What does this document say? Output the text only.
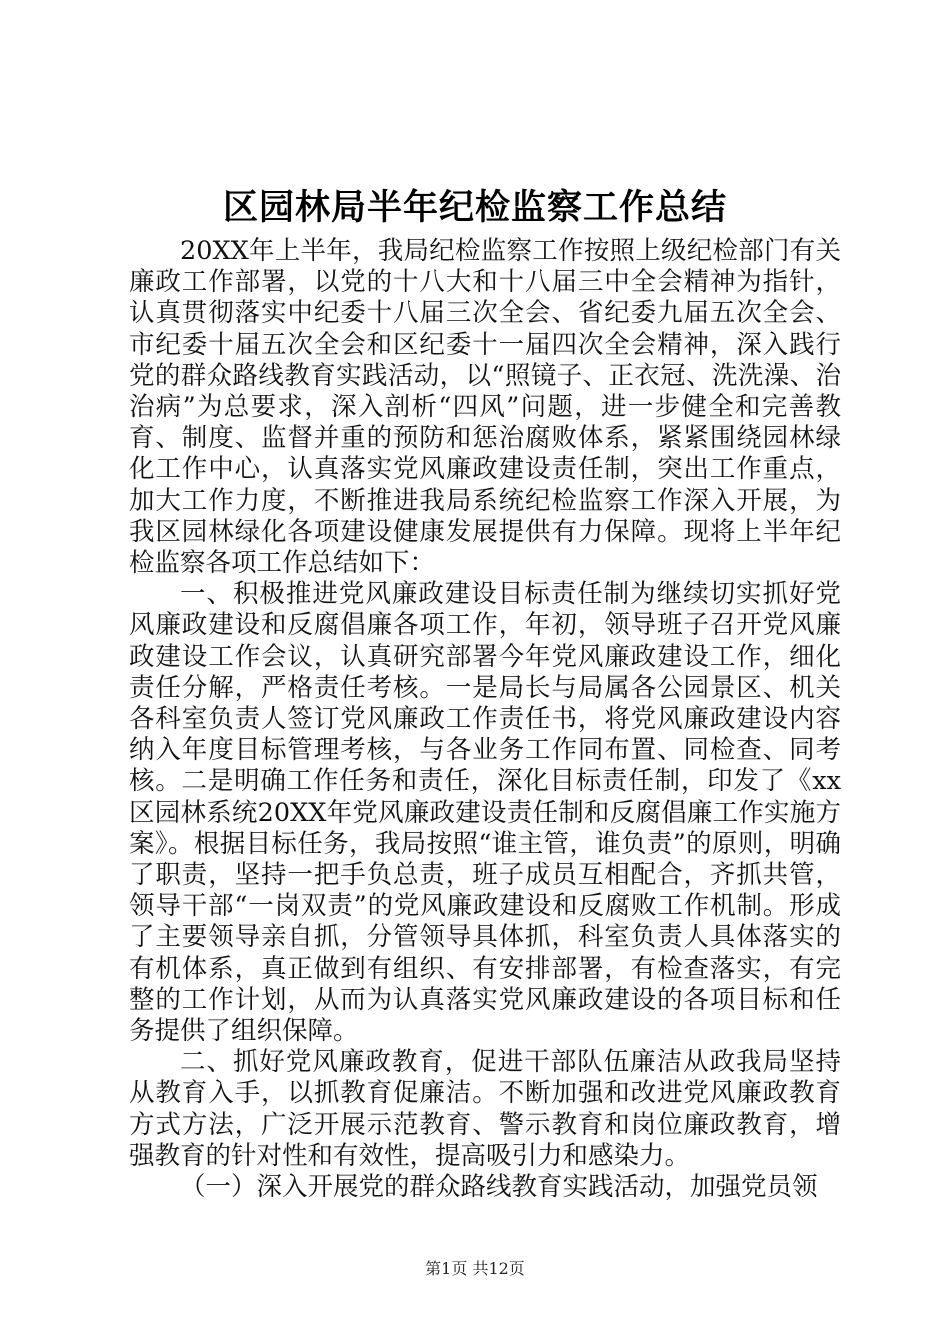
区园林局半年纪检监察工作总结

20XX年上半年，我局纪检监察工作按照上级纪检部门有关廉政工作部署，以党的十八大和十八届三中全会精神为指针，认真贯彻落实中纪委十八届三次全会、省纪委九届五次全会、市纪委十届五次全会和区纪委十一届四次全会精神，深入践行党的群众路线教育实践活动，以“照镜子、正衣冠、洗洗澡、治治病”为总要求，深入剖析“四风”问题，进一步健全和完善教育、制度、监督并重的预防和惩治腐败体系，紧紧围绕园林绿化工作中心，认真落实党风廉政建设责任制，突出工作重点，加大工作力度，不断推进我局系统纪检监察工作深入开展，为我区园林绿化各项建设健康发展提供有力保障。现将上半年纪检监察各项工作总结如下：

一、积极推进党风廉政建设目标责任制为继续切实抓好党风廉政建设和反腐倡廉各项工作，年初，领导班子召开党风廉政建设工作会议，认真研究部署今年党风廉政建设工作，细化责任分解，严格责任考核。一是局长与局属各公园景区、机关各科室负责人签订党风廉政工作责任书，将党风廉政建设内容纳入年度目标管理考核，与各业务工作同布置、同检查、同考核。二是明确工作任务和责任，深化目标责任制，印发了《xx区园林系统20XX年党风廉政建设责任制和反腐倡廉工作实施方案》。根据目标任务，我局按照“谁主管，谁负责”的原则，明确了职责，坚持一把手负总责，班子成员互相配合，齐抓共管，领导干部“一岗双责”的党风廉政建设和反腐败工作机制。形成了主要领导亲自抓，分管领导具体抓，科室负责人具体落实的有机体系，真正做到有组织、有安排部署，有检查落实，有完整的工作计划，从而为认真落实党风廉政建设的各项目标和任务提供了组织保障。

二、抓好党风廉政教育，促进干部队伍廉洁从政我局坚持从教育入手，以抓教育促廉洁。不断加强和改进党风廉政教育方式方法，广泛开展示范教育、警示教育和岗位廉政教育，增强教育的针对性和有效性，提高吸引力和感染力。

（一）深入开展党的群众路线教育实践活动，加强党员领

第1页 共12页
